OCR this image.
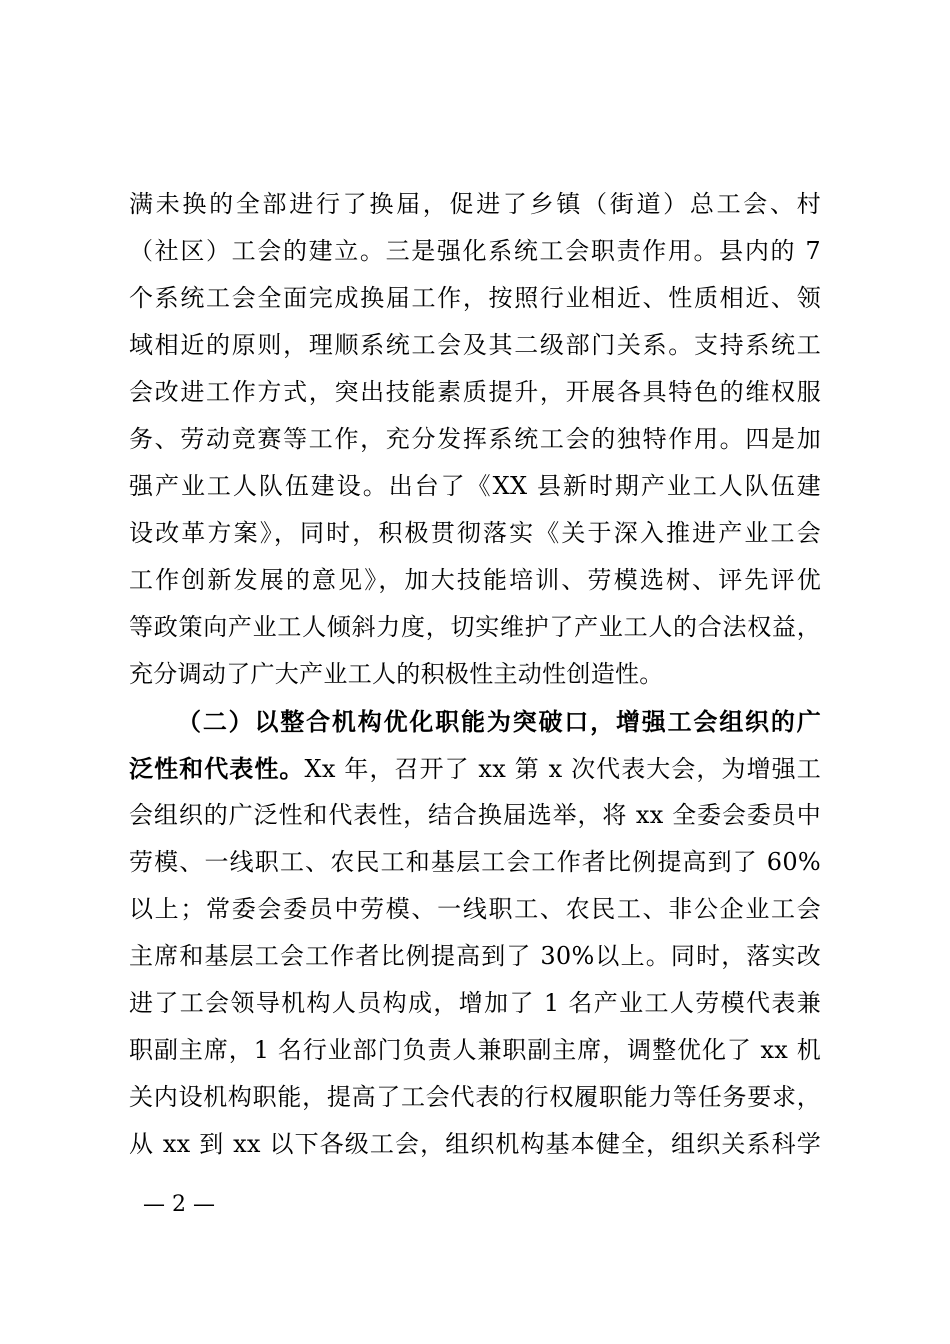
满未换的全部进行了换届，促进了乡镇（街道）总工会、村
（社区）工会的建立。三是强化系统工会职责作用。县内的 7
个系统工会全面完成换届工作，按照行业相近、性质相近、领
域相近的原则，理顺系统工会及其二级部门关系。支持系统工
会改进工作方式，突出技能素质提升，开展各具特色的维权服
务、劳动竞赛等工作，充分发挥系统工会的独特作用。四是加
强产业工人队伍建设。出台了《XX 县新时期产业工人队伍建
设改革方案》，同时，积极贯彻落实《关于深入推进产业工会
工作创新发展的意见》，加大技能培训、劳模选树、评先评优
等政策向产业工人倾斜力度，切实维护了产业工人的合法权益，
充分调动了广大产业工人的积极性主动性创造性。
（二）以整合机构优化职能为突破口，增强工会组织的广
泛性和代表性。Xx 年，召开了 xx 第 x 次代表大会，为增强工
会组织的广泛性和代表性，结合换届选举，将 xx 全委会委员中
劳模、一线职工、农民工和基层工会工作者比例提高到了 60%
以上；常委会委员中劳模、一线职工、农民工、非公企业工会
主席和基层工会工作者比例提高到了 30%以上。同时，落实改
进了工会领导机构人员构成，增加了 1 名产业工人劳模代表兼
职副主席，1 名行业部门负责人兼职副主席，调整优化了 xx 机
关内设机构职能，提高了工会代表的行权履职能力等任务要求，
从 xx 到 xx 以下各级工会，组织机构基本健全，组织关系科学
— 2 —
